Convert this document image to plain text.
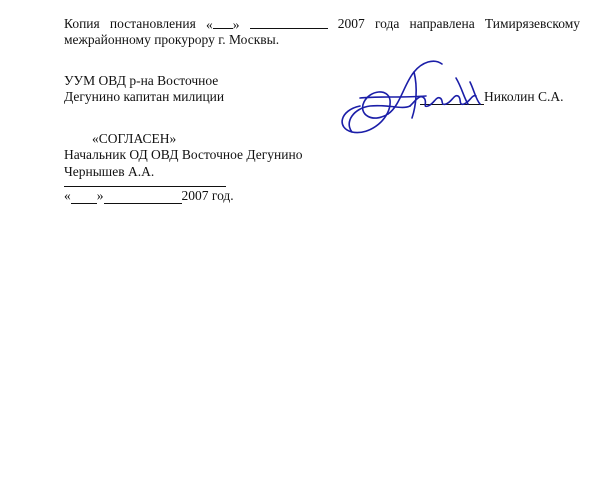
Копия постановления « »	2007 года направлена Тимирязевскому
межрайонному прокурору г. Москвы.
УУМ ОВД р-на Восточное
Дегунино капитан милиции	Николин С.А.
«СОГЛАСЕН»
Начальник ОД ОВД Восточное Дегунино
Чернышев А.А.
« »	2007 год.
